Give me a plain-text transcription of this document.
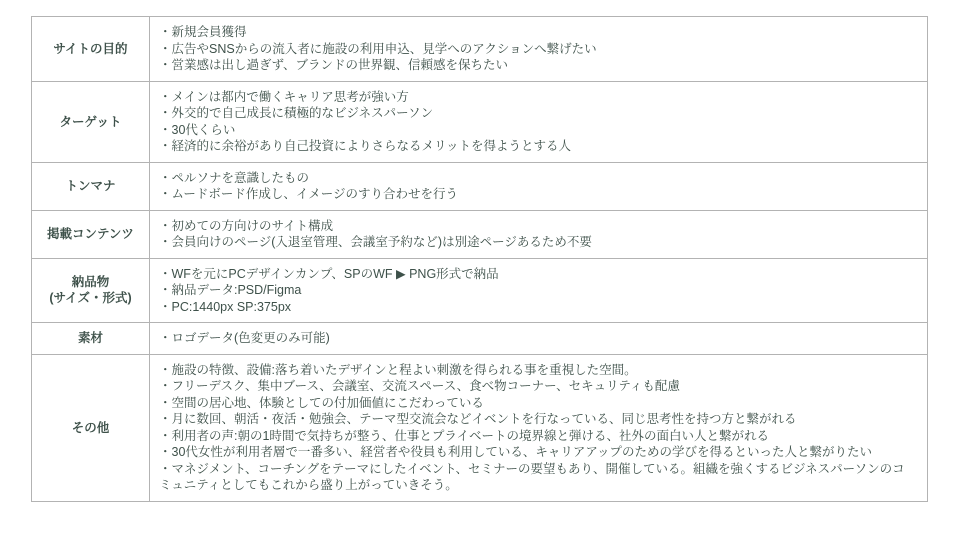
サイトの目的
・新規会員獲得
・広告やSNSからの流入者に施設の利用申込、見学へのアクションへ繋げたい
・営業感は出し過ぎず、ブランドの世界観、信頼感を保ちたい
ターゲット
・メインは都内で働くキャリア思考が強い方
・外交的で自己成長に積極的なビジネスパーソン
・30代くらい
・経済的に余裕があり自己投資によりさらなるメリットを得ようとする人
トンマナ
・ペルソナを意識したもの
・ムードボード作成し、イメージのすり合わせを行う
掲載コンテンツ
・初めての方向けのサイト構成
・会員向けのページ(入退室管理、会議室予約など)は別途ページあるため不要
納品物
(サイズ・形式)
・WFを元にPCデザインカンプ、SPのWF ▶ PNG形式で納品
・納品データ:PSD/Figma
・PC:1440px SP:375px
素材	・ロゴデータ(色変更のみ可能)
その他
・施設の特徴、設備:落ち着いたデザインと程よい刺激を得られる事を重視した空間。
・フリーデスク、集中ブース、会議室、交流スペース、食べ物コーナー、セキュリティも配慮
・空間の居心地、体験としての付加価値にこだわっている
・月に数回、朝活・夜活・勉強会、テーマ型交流会などイベントを行なっている、同じ思考性を持つ方と繋がれる
・利用者の声:朝の1時間で気持ちが整う、仕事とプライベートの境界線と弾ける、社外の面白い人と繋がれる
・30代女性が利用者層で一番多い、経営者や役員も利用している、キャリアアップのための学びを得るといった人と繋がりたい
・マネジメント、コーチングをテーマにしたイベント、セミナーの要望もあり、開催している。組織を強くするビジネスパーソンのコミュニティとしてもこれから盛り上がっていきそう。
